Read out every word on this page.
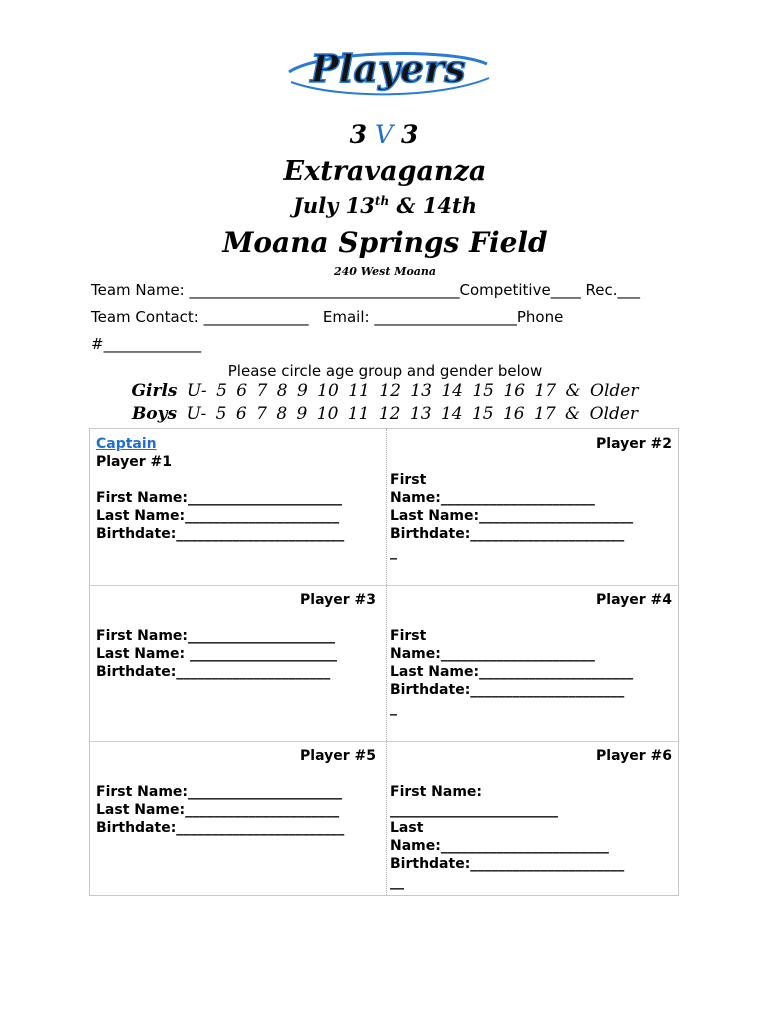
Players
3 V 3
Extravaganza
July 13th & 14th
Moana Springs Field
240 West Moana
Team Name: ____________________________________Competitive____ Rec.___
Team Contact: ______________   Email: ___________________Phone
#_____________
Please circle age group and gender below
Girls U- 5 6 7 8 9 10 11 12 13 14 15 16 17 & Older
Boys U- 5 6 7 8 9 10 11 12 13 14 15 16 17 & Older
Captain
Player #1
First Name:______________________
Last Name:______________________
Birthdate:________________________
Player #2
First
Name:______________________
Last Name:______________________
Birthdate:______________________
_
Player #3
First Name:_____________________
Last Name: _____________________
Birthdate:______________________
Player #4
First
Name:______________________
Last Name:______________________
Birthdate:______________________
_
Player #5
First Name:______________________
Last Name:______________________
Birthdate:________________________
Player #6
First Name:
________________________
Last
Name:________________________
Birthdate:______________________
__
